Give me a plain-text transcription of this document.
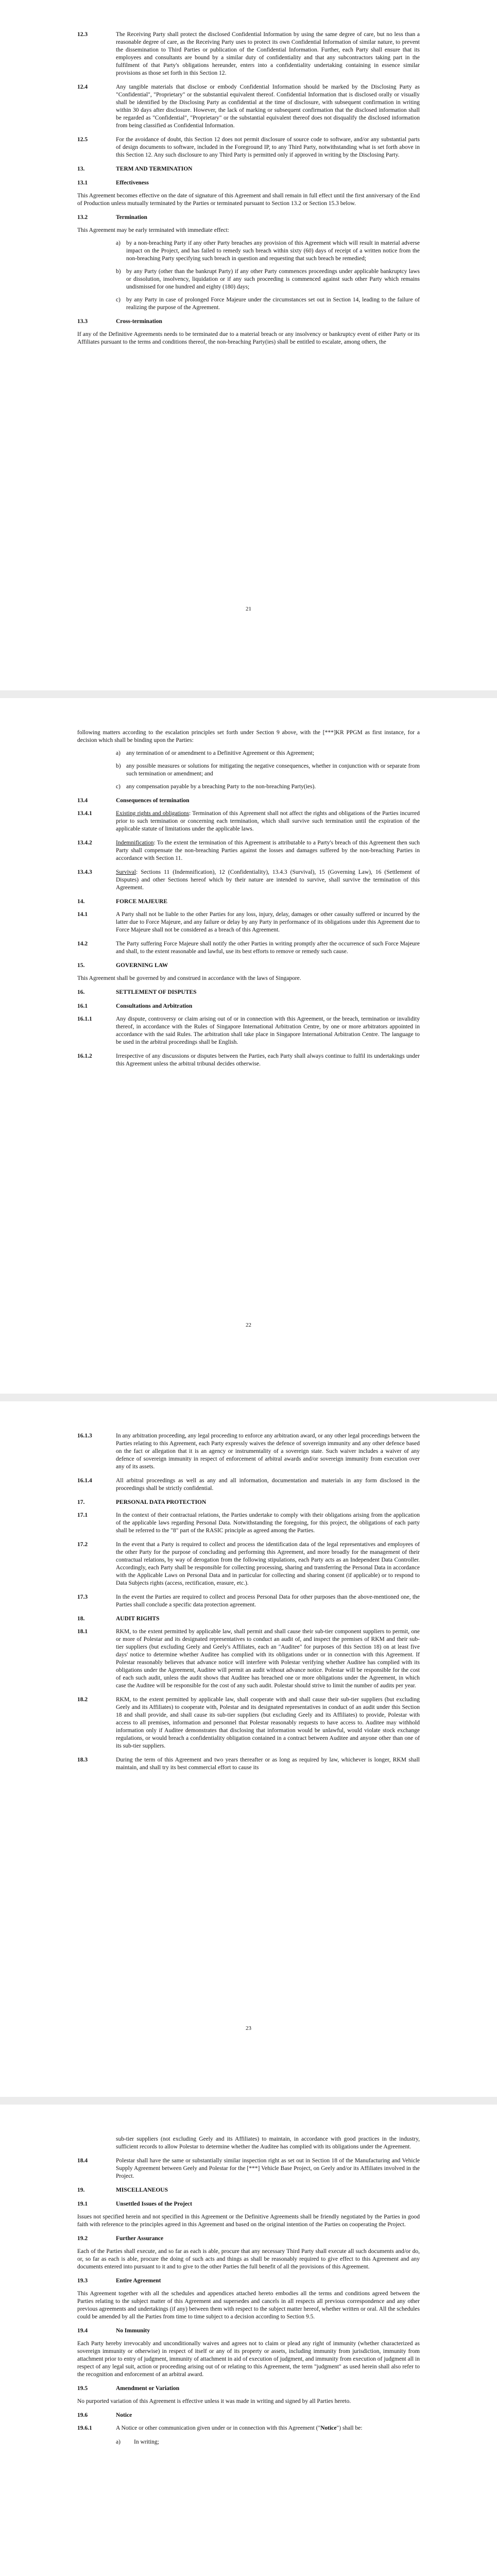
12.3	The Receiving Party shall protect the disclosed Confidential Information by using the same degree of care, but no less than a reasonable degree of care, as the Receiving Party uses to protect its own Confidential Information of similar nature, to prevent the dissemination to Third Parties or publication of the Confidential Information. Further, each Party shall ensure that its employees and consultants are bound by a similar duty of confidentiality and that any subcontractors taking part in the fulfilment of that Party's obligations hereunder, enters into a confidentiality undertaking containing in essence similar provisions as those set forth in this Section 12.
12.4	Any tangible materials that disclose or embody Confidential Information should be marked by the Disclosing Party as "Confidential", "Proprietary" or the substantial equivalent thereof. Confidential Information that is disclosed orally or visually shall be identified by the Disclosing Party as confidential at the time of disclosure, with subsequent confirmation in writing within 30 days after disclosure. However, the lack of marking or subsequent confirmation that the disclosed information shall be regarded as "Confidential", "Proprietary" or the substantial equivalent thereof does not disqualify the disclosed information from being classified as Confidential Information.
12.5	For the avoidance of doubt, this Section 12 does not permit disclosure of source code to software, and/or any substantial parts of design documents to software, included in the Foreground IP, to any Third Party, notwithstanding what is set forth above in this Section 12. Any such disclosure to any Third Party is permitted only if approved in writing by the Disclosing Party.
13.	TERM AND TERMINATION
13.1	Effectiveness
This Agreement becomes effective on the date of signature of this Agreement and shall remain in full effect until the first anniversary of the End of Production unless mutually terminated by the Parties or terminated pursuant to Section 13.2 or Section 15.3 below.
13.2	Termination
This Agreement may be early terminated with immediate effect:
a) by a non-breaching Party if any other Party breaches any provision of this Agreement which will result in material adverse impact on the Project, and has failed to remedy such breach within sixty (60) days of receipt of a written notice from the non-breaching Party specifying such breach in question and requesting that such breach be remedied;
b) by any Party (other than the bankrupt Party) if any other Party commences proceedings under applicable bankruptcy laws or dissolution, insolvency, liquidation or if any such proceeding is commenced against such other Party which remains undismissed for one hundred and eighty (180) days;
c) by any Party in case of prolonged Force Majeure under the circumstances set out in Section 14, leading to the failure of realizing the purpose of the Agreement.
13.3	Cross-termination
If any of the Definitive Agreements needs to be terminated due to a material breach or any insolvency or bankruptcy event of either Party or its Affiliates pursuant to the terms and conditions thereof, the non-breaching Party(ies) shall be entitled to escalate, among others, the
21
following matters according to the escalation principles set forth under Section 9 above, with the [***]KR PPGM as first instance, for a decision which shall be binding upon the Parties:
a) any termination of or amendment to a Definitive Agreement or this Agreement;
b) any possible measures or solutions for mitigating the negative consequences, whether in conjunction with or separate from such termination or amendment; and
c) any compensation payable by a breaching Party to the non-breaching Party(ies).
13.4	Consequences of termination
13.4.1	Existing rights and obligations: Termination of this Agreement shall not affect the rights and obligations of the Parties incurred prior to such termination or concerning each termination, which shall survive such termination until the expiration of the applicable statute of limitations under the applicable laws.
13.4.2	Indemnification: To the extent the termination of this Agreement is attributable to a Party's breach of this Agreement then such Party shall compensate the non-breaching Parties against the losses and damages suffered by the non-breaching Parties in accordance with Section 11.
13.4.3	Survival: Sections 11 (Indemnification), 12 (Confidentiality), 13.4.3 (Survival), 15 (Governing Law), 16 (Settlement of Disputes) and other Sections hereof which by their nature are intended to survive, shall survive the termination of this Agreement.
14.	FORCE MAJEURE
14.1	A Party shall not be liable to the other Parties for any loss, injury, delay, damages or other casualty suffered or incurred by the latter due to Force Majeure, and any failure or delay by any Party in performance of its obligations under this Agreement due to Force Majeure shall not be considered as a breach of this Agreement.
14.2	The Party suffering Force Majeure shall notify the other Parties in writing promptly after the occurrence of such Force Majeure and shall, to the extent reasonable and lawful, use its best efforts to remove or remedy such cause.
15.	GOVERNING LAW
This Agreement shall be governed by and construed in accordance with the laws of Singapore.
16.	SETTLEMENT OF DISPUTES
16.1	Consultations and Arbitration
16.1.1	Any dispute, controversy or claim arising out of or in connection with this Agreement, or the breach, termination or invalidity thereof, in accordance with the Rules of Singapore International Arbitration Centre, by one or more arbitrators appointed in accordance with the said Rules. The arbitration shall take place in Singapore International Arbitration Centre. The language to be used in the arbitral proceedings shall be English.
16.1.2	Irrespective of any discussions or disputes between the Parties, each Party shall always continue to fulfil its undertakings under this Agreement unless the arbitral tribunal decides otherwise.
22
16.1.3	In any arbitration proceeding, any legal proceeding to enforce any arbitration award, or any other legal proceedings between the Parties relating to this Agreement, each Party expressly waives the defence of sovereign immunity and any other defence based on the fact or allegation that it is an agency or instrumentality of a sovereign state. Such waiver includes a waiver of any defence of sovereign immunity in respect of enforcement of arbitral awards and/or sovereign immunity from execution over any of its assets.
16.1.4	All arbitral proceedings as well as any and all information, documentation and materials in any form disclosed in the proceedings shall be strictly confidential.
17.	PERSONAL DATA PROTECTION
17.1	In the context of their contractual relations, the Parties undertake to comply with their obligations arising from the application of the applicable laws regarding Personal Data. Notwithstanding the foregoing, for this project, the obligations of each party shall be referred to the "8" part of the RASIC principle as agreed among the Parties.
17.2	In the event that a Party is required to collect and process the identification data of the legal representatives and employees of the other Party for the purpose of concluding and performing this Agreement, and more broadly for the management of their contractual relations, by way of derogation from the following stipulations, each Party acts as an Independent Data Controller. Accordingly, each Party shall be responsible for collecting processing, sharing and transferring the Personal Data in accordance with the Applicable Laws on Personal Data and in particular for collecting and sharing consent (if applicable) or to respond to Data Subjects rights (access, rectification, erasure, etc.).
17.3	In the event the Parties are required to collect and process Personal Data for other purposes than the above-mentioned one, the Parties shall conclude a specific data protection agreement.
18.	AUDIT RIGHTS
18.1	RKM, to the extent permitted by applicable law, shall permit and shall cause their sub-tier component suppliers to permit, one or more of Polestar and its designated representatives to conduct an audit of, and inspect the premises of RKM and their sub-tier suppliers (but excluding Geely and Geely's Affiliates, each an "Auditee" for purposes of this Section 18) on at least five days' notice to determine whether Auditee has complied with its obligations under or in connection with this Agreement. If Polestar reasonably believes that advance notice will interfere with Polestar verifying whether Auditee has complied with its obligations under the Agreement, Auditee will permit an audit without advance notice. Polestar will be responsible for the cost of each such audit, unless the audit shows that Auditee has breached one or more obligations under the Agreement, in which case the Auditee will be responsible for the cost of any such audit. Polestar should strive to limit the number of audits per year.
18.2	RKM, to the extent permitted by applicable law, shall cooperate with and shall cause their sub-tier suppliers (but excluding Geely and its Affiliates) to cooperate with, Polestar and its designated representatives in conduct of an audit under this Section 18 and shall provide, and shall cause its sub-tier suppliers (but excluding Geely and its Affiliates) to provide, Polestar with access to all premises, information and personnel that Polestar reasonably requests to have access to. Auditee may withhold information only if Auditee demonstrates that disclosing that information would be unlawful, would violate stock exchange regulations, or would breach a confidentiality obligation contained in a contract between Auditee and anyone other than one of its sub-tier suppliers.
18.3	During the term of this Agreement and two years thereafter or as long as required by law, whichever is longer, RKM shall maintain, and shall try its best commercial effort to cause its
23
sub-tier suppliers (not excluding Geely and its Affiliates) to maintain, in accordance with good practices in the industry, sufficient records to allow Polestar to determine whether the Auditee has complied with its obligations under the Agreement.
18.4	Polestar shall have the same or substantially similar inspection right as set out in Section 18 of the Manufacturing and Vehicle Supply Agreement between Geely and Polestar for the [***] Vehicle Base Project, on Geely and/or its Affiliates involved in the Project.
19.	MISCELLANEOUS
19.1	Unsettled Issues of the Project
Issues not specified herein and not specified in this Agreement or the Definitive Agreements shall be friendly negotiated by the Parties in good faith with reference to the principles agreed in this Agreement and based on the original intention of the Parties on cooperating the Project.
19.2	Further Assurance
Each of the Parties shall execute, and so far as each is able, procure that any necessary Third Party shall execute all such documents and/or do, or, so far as each is able, procure the doing of such acts and things as shall be reasonably required to give effect to this Agreement and any documents entered into pursuant to it and to give to the other Parties the full benefit of all the provisions of this Agreement.
19.3	Entire Agreement
This Agreement together with all the schedules and appendices attached hereto embodies all the terms and conditions agreed between the Parties relating to the subject matter of this Agreement and supersedes and cancels in all respects all previous correspondence and any other previous agreements and undertakings (if any) between them with respect to the subject matter hereof, whether written or oral. All the schedules could be amended by all the Parties from time to time subject to a decision according to Section 9.5.
19.4	No Immunity
Each Party hereby irrevocably and unconditionally waives and agrees not to claim or plead any right of immunity (whether characterized as sovereign immunity or otherwise) in respect of itself or any of its property or assets, including immunity from jurisdiction, immunity from attachment prior to entry of judgment, immunity of attachment in aid of execution of judgment, and immunity from execution of judgment all in respect of any legal suit, action or proceeding arising out of or relating to this Agreement, the term "judgment" as used herein shall also refer to the recognition and enforcement of an arbitral award.
19.5	Amendment or Variation
No purported variation of this Agreement is effective unless it was made in writing and signed by all Parties hereto.
19.6	Notice
19.6.1	A Notice or other communication given under or in connection with this Agreement ("Notice") shall be:
a) In writing;
